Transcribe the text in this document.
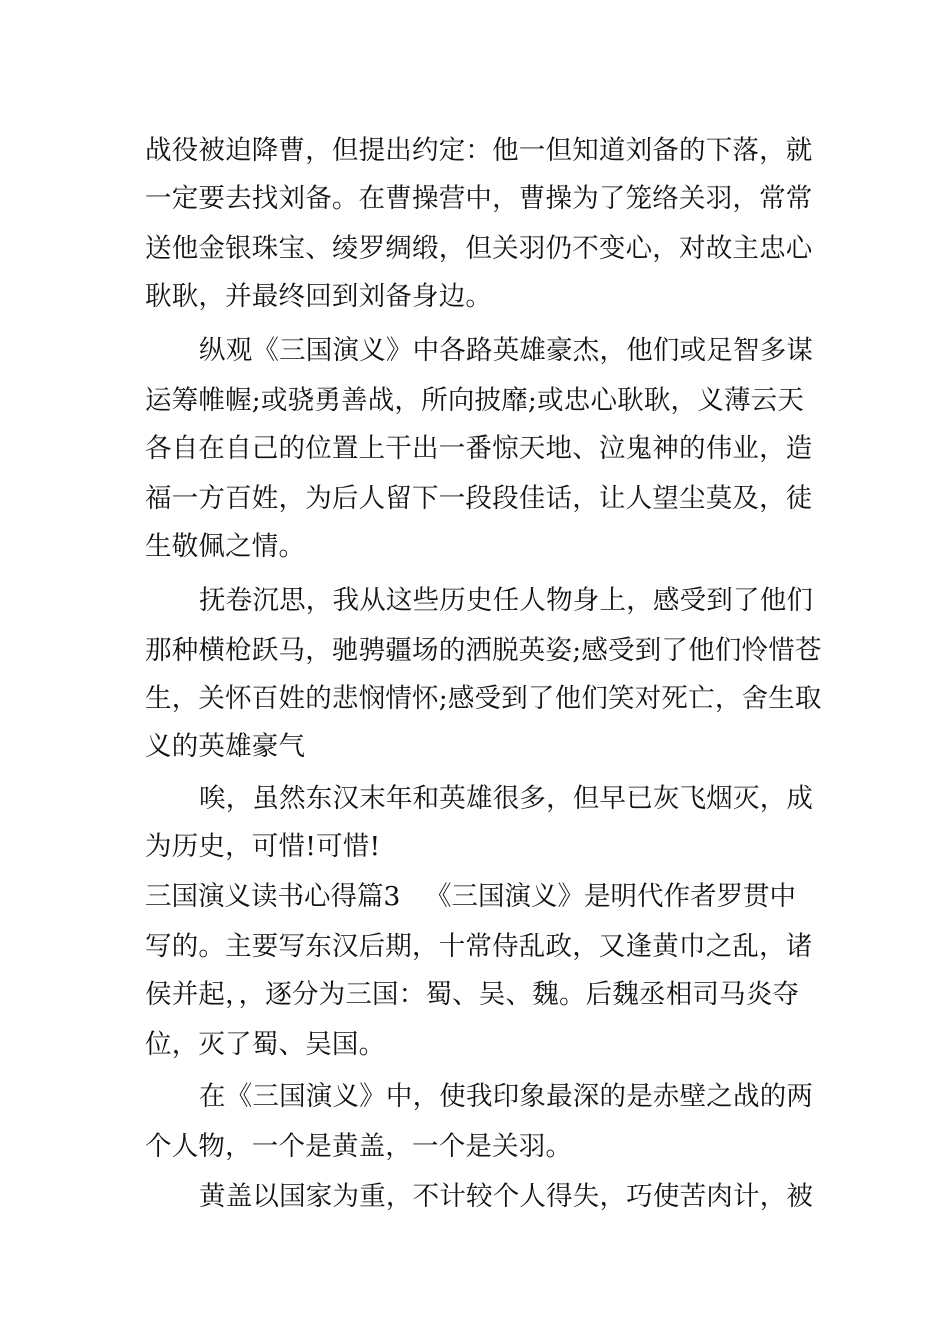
战役被迫降曹，但提出约定：他一但知道刘备的下落，就
一定要去找刘备。在曹操营中，曹操为了笼络关羽，常常
送他金银珠宝、绫罗绸缎，但关羽仍不变心，对故主忠心
耿耿，并最终回到刘备身边。
纵观《三国演义》中各路英雄豪杰，他们或足智多谋
运筹帷幄;或骁勇善战，所向披靡;或忠心耿耿，义薄云天
各自在自己的位置上干出一番惊天地、泣鬼神的伟业，造
福一方百姓，为后人留下一段段佳话，让人望尘莫及，徒
生敬佩之情。
抚卷沉思，我从这些历史任人物身上，感受到了他们
那种横枪跃马，驰骋疆场的洒脱英姿;感受到了他们怜惜苍
生，关怀百姓的悲悯情怀;感受到了他们笑对死亡，舍生取
义的英雄豪气
唉，虽然东汉末年和英雄很多，但早已灰飞烟灭，成
为历史，可惜!可惜!
三国演义读书心得篇3 《三国演义》是明代作者罗贯中
写的。主要写东汉后期，十常侍乱政，又逢黄巾之乱，诸
侯并起，，逐分为三国：蜀、吴、魏。后魏丞相司马炎夺
位，灭了蜀、吴国。
在《三国演义》中，使我印象最深的是赤壁之战的两
个人物，一个是黄盖，一个是关羽。
黄盖以国家为重，不计较个人得失，巧使苦肉计，被
